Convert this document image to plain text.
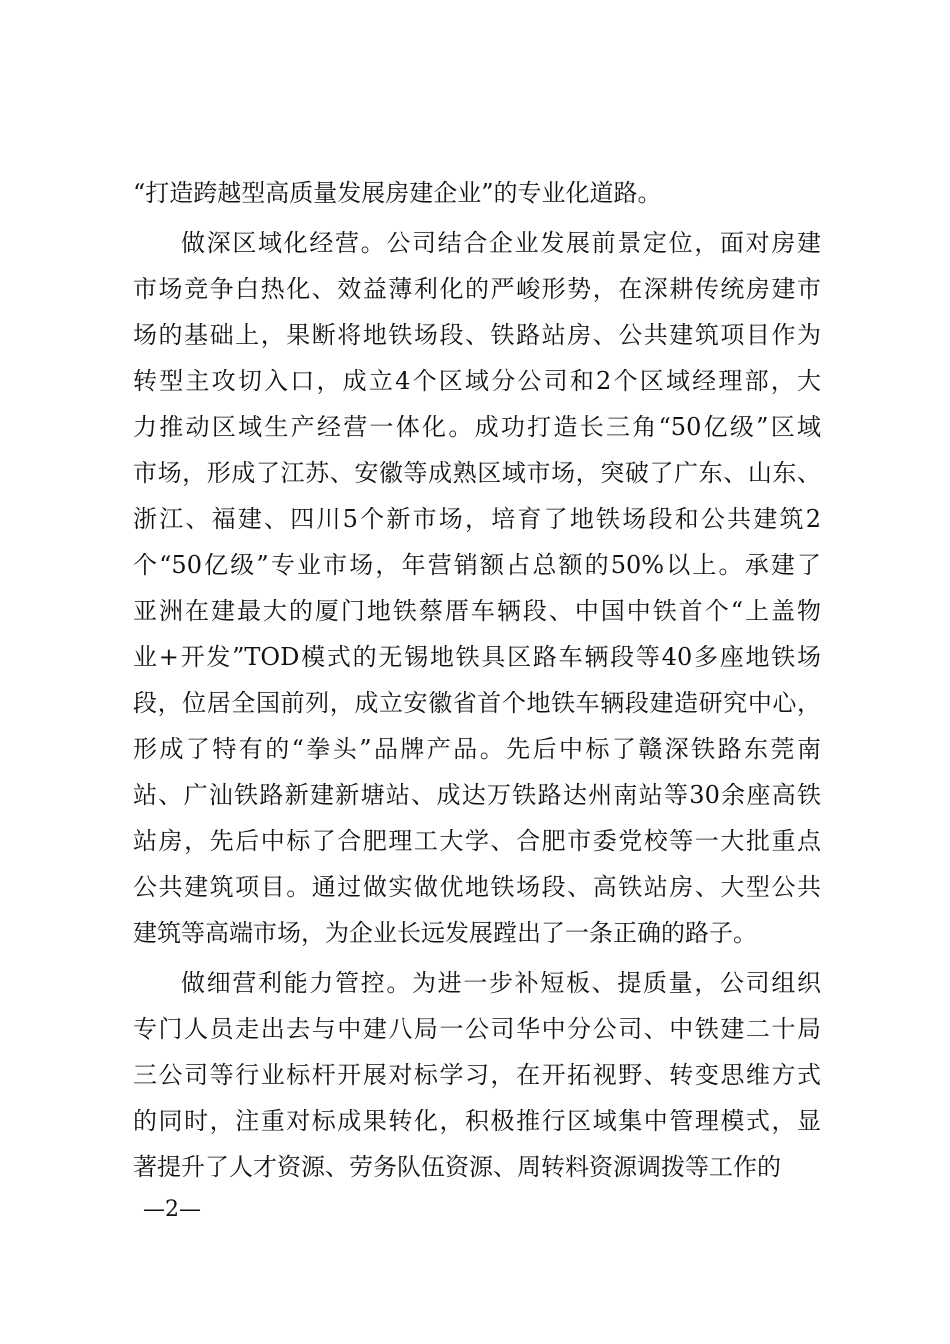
“打造跨越型高质量发展房建企业”的专业化道路。
做深区域化经营。公司结合企业发展前景定位，面对房建
市场竞争白热化、效益薄利化的严峻形势，在深耕传统房建市
场的基础上，果断将地铁场段、铁路站房、公共建筑项目作为
转型主攻切入口，成立4个区域分公司和2个区域经理部，大
力推动区域生产经营一体化。成功打造长三角“50亿级”区域
市场，形成了江苏、安徽等成熟区域市场，突破了广东、山东、
浙江、福建、四川5个新市场，培育了地铁场段和公共建筑2
个“50亿级”专业市场，年营销额占总额的50%以上。承建了
亚洲在建最大的厦门地铁蔡厝车辆段、中国中铁首个“上盖物
业+开发”TOD模式的无锡地铁具区路车辆段等40多座地铁场
段，位居全国前列，成立安徽省首个地铁车辆段建造研究中心，
形成了特有的“拳头”品牌产品。先后中标了赣深铁路东莞南
站、广汕铁路新建新塘站、成达万铁路达州南站等30余座高铁
站房，先后中标了合肥理工大学、合肥市委党校等一大批重点
公共建筑项目。通过做实做优地铁场段、高铁站房、大型公共
建筑等高端市场，为企业长远发展蹚出了一条正确的路子。
做细营利能力管控。为进一步补短板、提质量，公司组织
专门人员走出去与中建八局一公司华中分公司、中铁建二十局
三公司等行业标杆开展对标学习，在开拓视野、转变思维方式
的同时，注重对标成果转化，积极推行区域集中管理模式，显
著提升了人才资源、劳务队伍资源、周转料资源调拨等工作的
—2—
